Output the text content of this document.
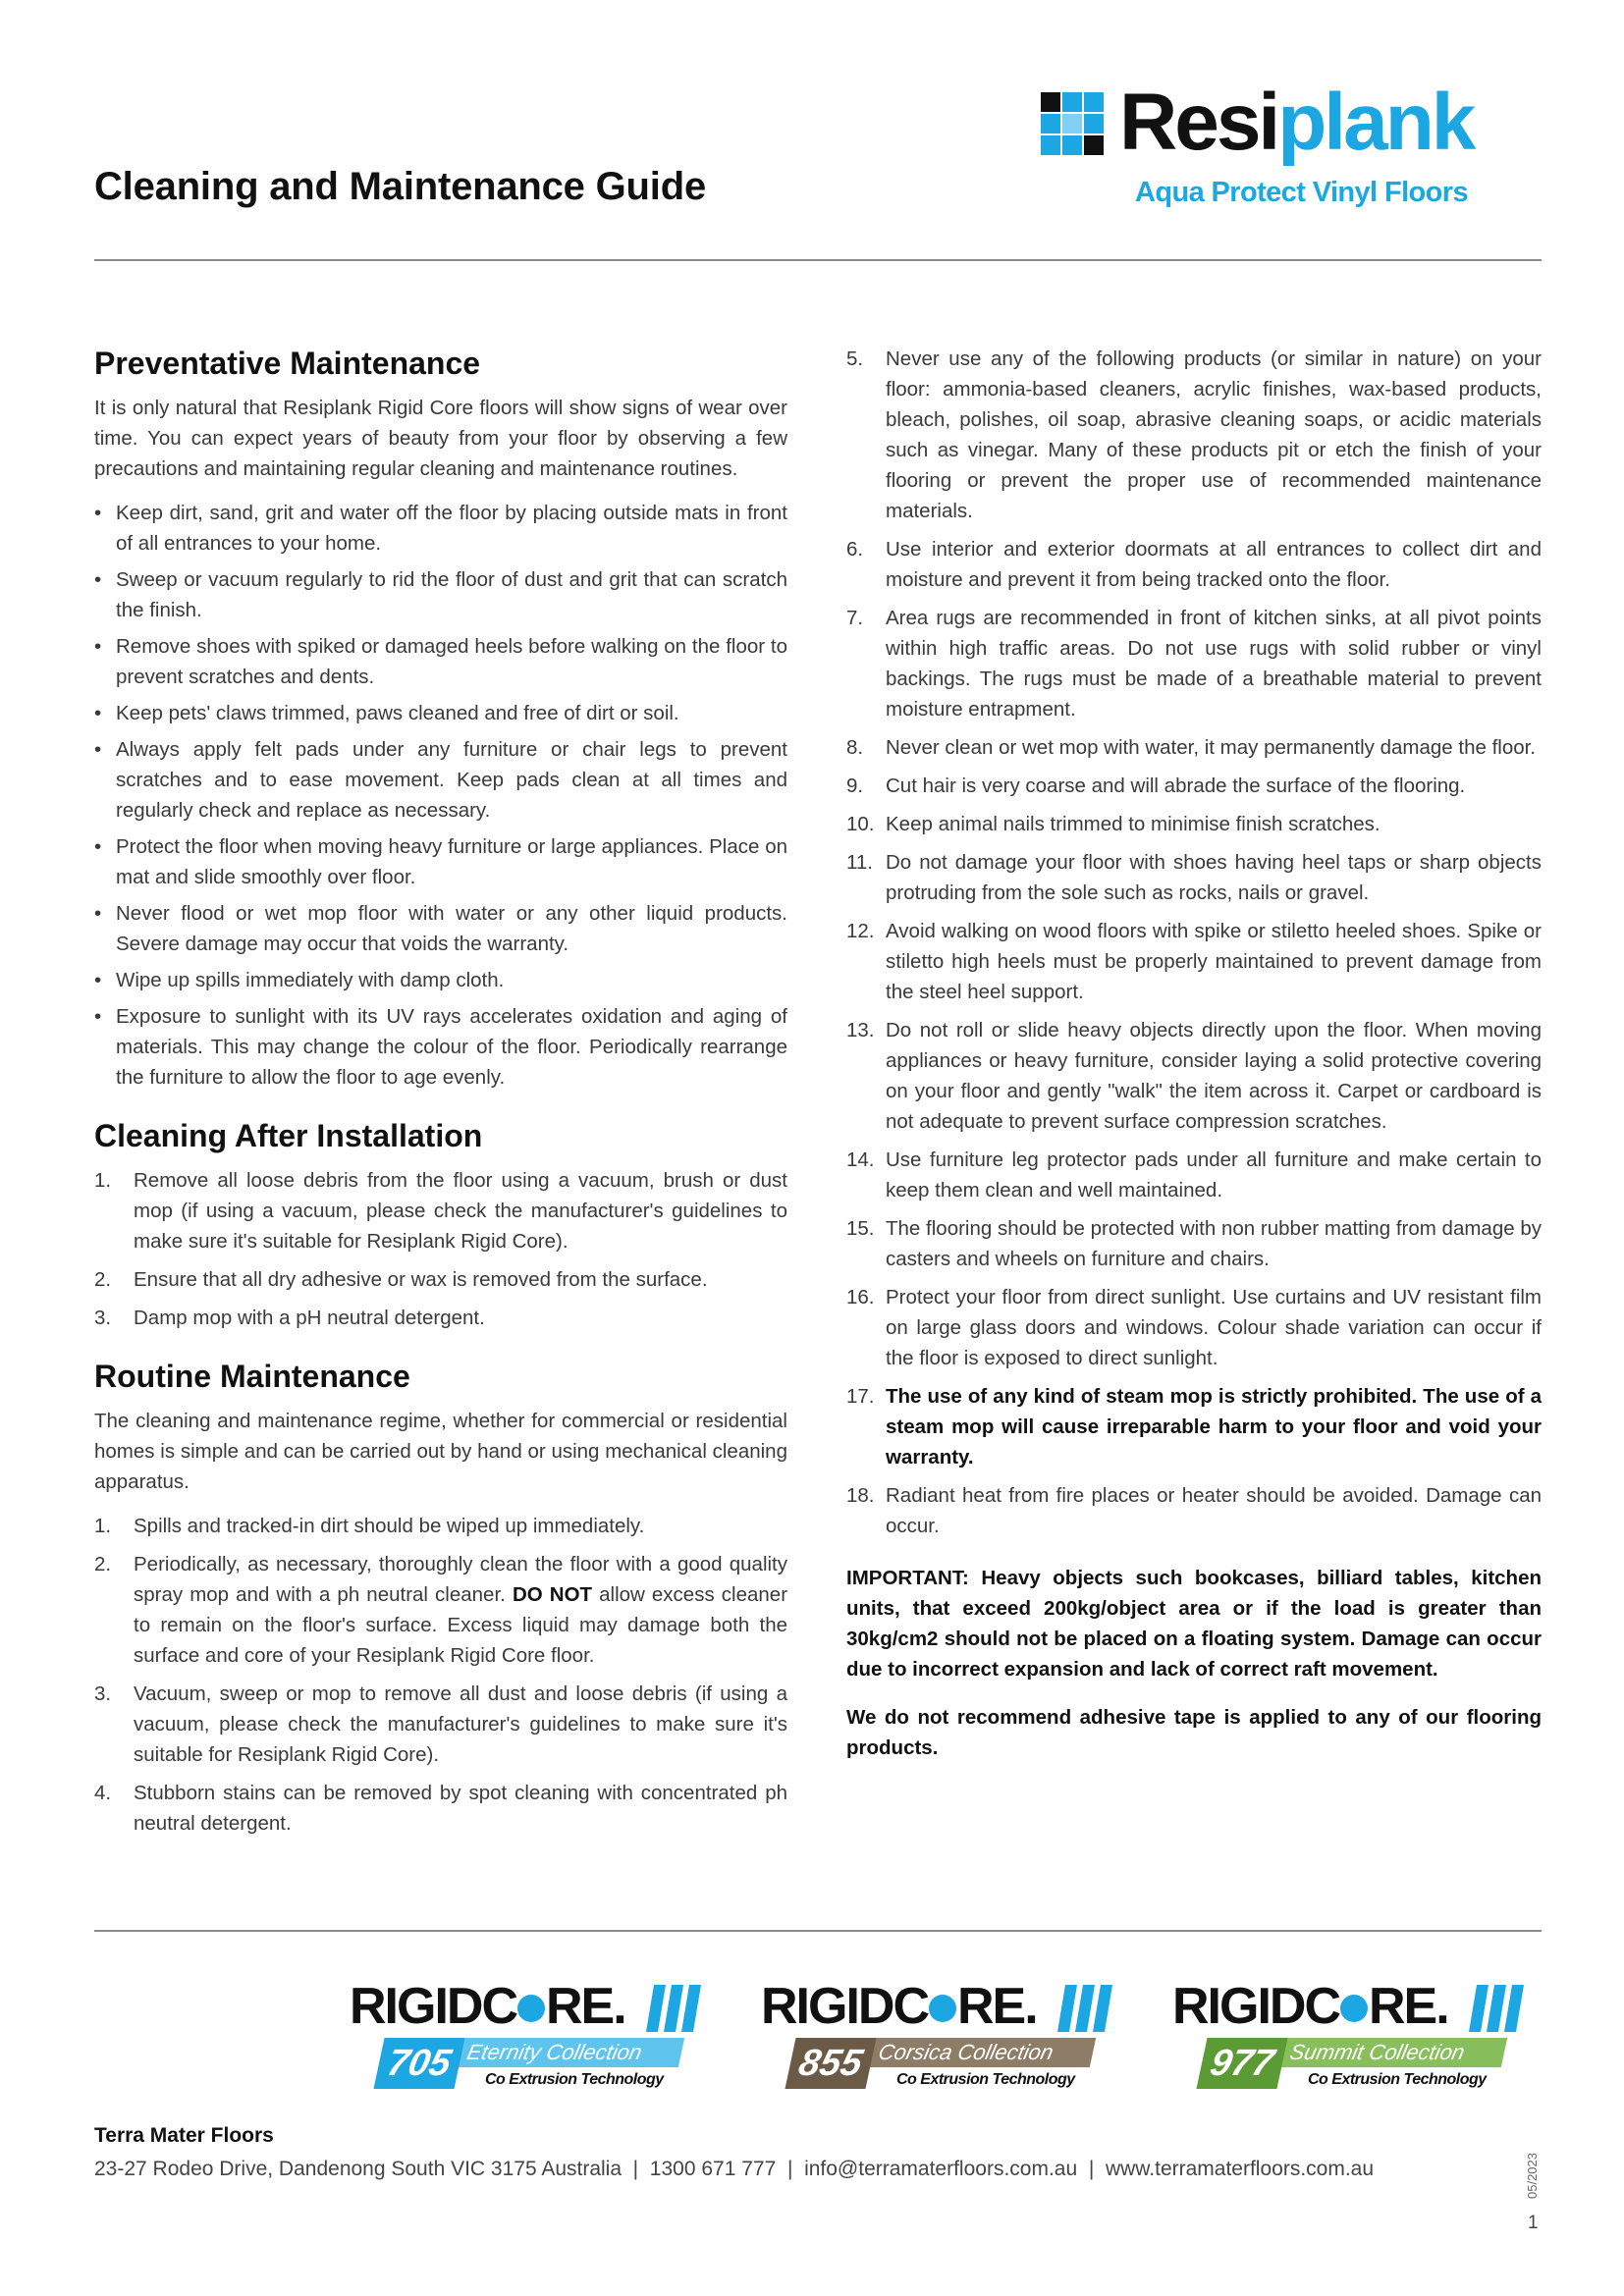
Cleaning and Maintenance Guide
Resiplank
Aqua Protect Vinyl Floors
Preventative Maintenance

It is only natural that Resiplank Rigid Core floors will show signs of wear over time. You can expect years of beauty from your floor by observing a few precautions and maintaining regular cleaning and maintenance routines.

• Keep dirt, sand, grit and water off the floor by placing outside mats in front of all entrances to your home.
• Sweep or vacuum regularly to rid the floor of dust and grit that can scratch the finish.
• Remove shoes with spiked or damaged heels before walking on the floor to prevent scratches and dents.
• Keep pets' claws trimmed, paws cleaned and free of dirt or soil.
• Always apply felt pads under any furniture or chair legs to prevent scratches and to ease movement. Keep pads clean at all times and regularly check and replace as necessary.
• Protect the floor when moving heavy furniture or large appliances. Place on mat and slide smoothly over floor.
• Never flood or wet mop floor with water or any other liquid products. Severe damage may occur that voids the warranty.
• Wipe up spills immediately with damp cloth.
• Exposure to sunlight with its UV rays accelerates oxidation and aging of materials. This may change the colour of the floor. Periodically rearrange the furniture to allow the floor to age evenly.
Cleaning After Installation
1. Remove all loose debris from the floor using a vacuum, brush or dust mop (if using a vacuum, please check the manufacturer's guidelines to make sure it's suitable for Resiplank Rigid Core).
2. Ensure that all dry adhesive or wax is removed from the surface.
3. Damp mop with a pH neutral detergent.
Routine Maintenance

The cleaning and maintenance regime, whether for commercial or residential homes is simple and can be carried out by hand or using mechanical cleaning apparatus.

1. Spills and tracked-in dirt should be wiped up immediately.
2. Periodically, as necessary, thoroughly clean the floor with a good quality spray mop and with a ph neutral cleaner. DO NOT allow excess cleaner to remain on the floor's surface. Excess liquid may damage both the surface and core of your Resiplank Rigid Core floor.
3. Vacuum, sweep or mop to remove all dust and loose debris (if using a vacuum, please check the manufacturer's guidelines to make sure it's suitable for Resiplank Rigid Core).
4. Stubborn stains can be removed by spot cleaning with concentrated ph neutral detergent.
5. Never use any of the following products (or similar in nature) on your floor: ammonia-based cleaners, acrylic finishes, wax-based products, bleach, polishes, oil soap, abrasive cleaning soaps, or acidic materials such as vinegar. Many of these products pit or etch the finish of your flooring or prevent the proper use of recommended maintenance materials.
6. Use interior and exterior doormats at all entrances to collect dirt and moisture and prevent it from being tracked onto the floor.
7. Area rugs are recommended in front of kitchen sinks, at all pivot points within high traffic areas. Do not use rugs with solid rubber or vinyl backings. The rugs must be made of a breathable material to prevent moisture entrapment.
8. Never clean or wet mop with water, it may permanently damage the floor.
9. Cut hair is very coarse and will abrade the surface of the flooring.
10. Keep animal nails trimmed to minimise finish scratches.
11. Do not damage your floor with shoes having heel taps or sharp objects protruding from the sole such as rocks, nails or gravel.
12. Avoid walking on wood floors with spike or stiletto heeled shoes. Spike or stiletto high heels must be properly maintained to prevent damage from the steel heel support.
13. Do not roll or slide heavy objects directly upon the floor. When moving appliances or heavy furniture, consider laying a solid protective covering on your floor and gently "walk" the item across it. Carpet or cardboard is not adequate to prevent surface compression scratches.
14. Use furniture leg protector pads under all furniture and make certain to keep them clean and well maintained.
15. The flooring should be protected with non rubber matting from damage by casters and wheels on furniture and chairs.
16. Protect your floor from direct sunlight. Use curtains and UV resistant film on large glass doors and windows. Colour shade variation can occur if the floor is exposed to direct sunlight.
17. The use of any kind of steam mop is strictly prohibited. The use of a steam mop will cause irreparable harm to your floor and void your warranty.
18. Radiant heat from fire places or heater should be avoided. Damage can occur.

IMPORTANT: Heavy objects such bookcases, billiard tables, kitchen units, that exceed 200kg/object area or if the load is greater than 30kg/cm2 should not be placed on a floating system. Damage can occur due to incorrect expansion and lack of correct raft movement.

We do not recommend adhesive tape is applied to any of our flooring products.

RIGIDC RE.
Eternity Collection
705	Co Extrusion Technology
RIGIDC RE.
Corsica Collection
855	Co Extrusion Technology
RIGIDC RE.
Summit Collection
977	Co Extrusion Technology
Terra Mater Floors
23-27 Rodeo Drive, Dandenong South VIC 3175 Australia  |  1300 671 777  |  info@terramaterfloors.com.au  |  www.terramaterfloors.com.au	05/2023
1
